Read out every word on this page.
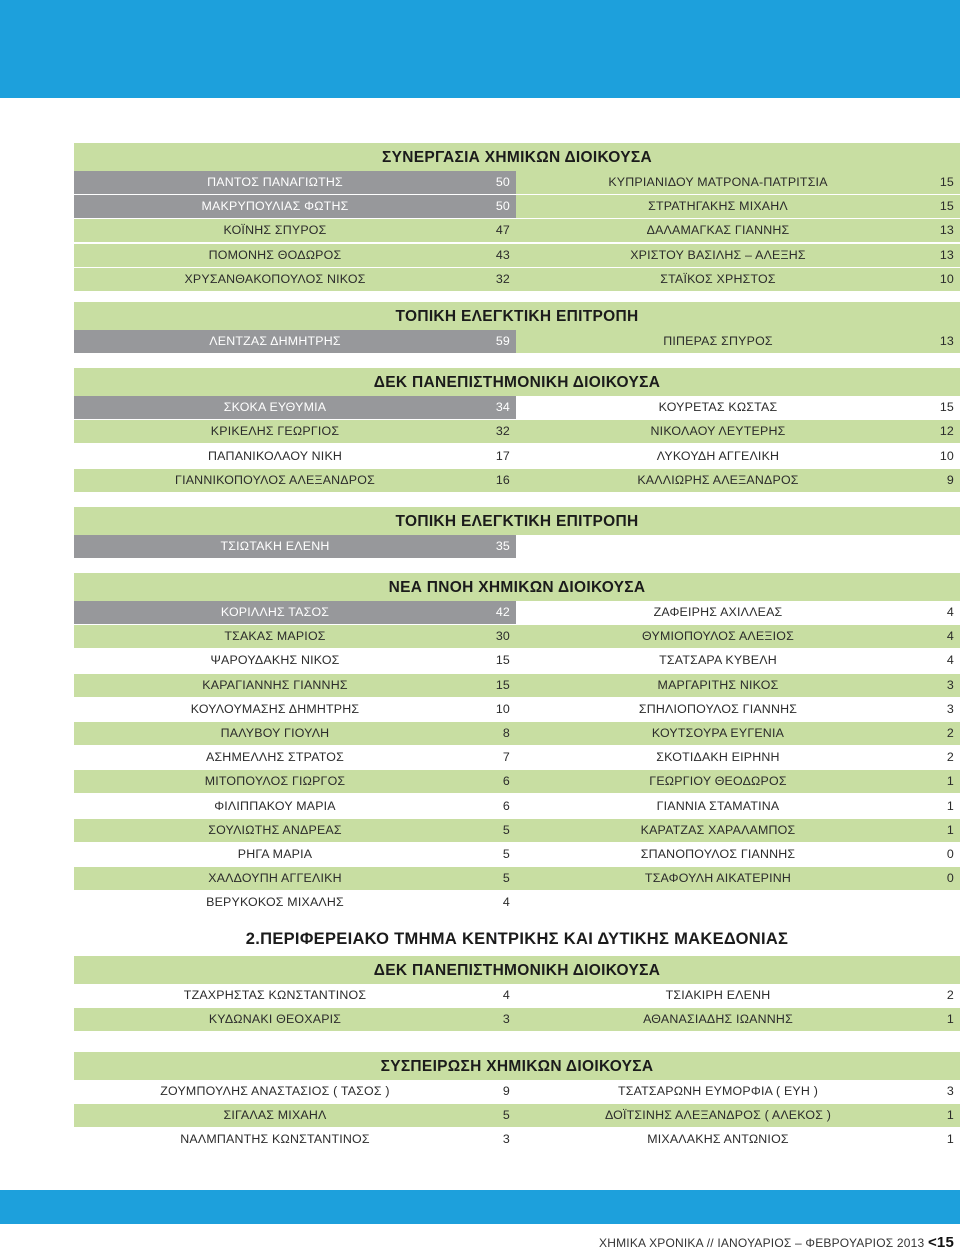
ΣΥΝΕΡΓΑΣΙΑ ΧΗΜΙΚΩΝ ΔΙΟΙΚΟΥΣΑ
ΠΑΝΤΟΣ ΠΑΝΑΓΙΩΤΗΣ	50	ΚΥΠΡΙΑΝΙΔΟΥ ΜΑΤΡΟΝΑ-ΠΑΤΡΙΤΣΙΑ	15
ΜΑΚΡΥΠΟΥΛΙΑΣ ΦΩΤΗΣ	50	ΣΤΡΑΤΗΓΑΚΗΣ ΜΙΧΑΗΛ	15
ΚΟΪΝΗΣ ΣΠΥΡΟΣ	47	ΔΑΛΑΜΑΓΚΑΣ ΓΙΑΝΝΗΣ	13
ΠΟΜΟΝΗΣ ΘΟΔΩΡΟΣ	43	ΧΡΙΣΤΟΥ ΒΑΣΙΛΗΣ – ΑΛΕΞΗΣ	13
ΧΡΥΣΑΝΘΑΚΟΠΟΥΛΟΣ ΝΙΚΟΣ	32	ΣΤΑΪΚΟΣ ΧΡΗΣΤΟΣ	10
ΤΟΠΙΚΗ ΕΛΕΓΚΤΙΚΗ ΕΠΙΤΡΟΠΗ
ΛΕΝΤΖΑΣ ΔΗΜΗΤΡΗΣ	59	ΠΙΠΕΡΑΣ ΣΠΥΡΟΣ	13
ΔΕΚ ΠΑΝΕΠΙΣΤΗΜΟΝΙΚΗ ΔΙΟΙΚΟΥΣΑ
ΣΚΟΚΑ ΕΥΘΥΜΙΑ	34	ΚΟΥΡΕΤΑΣ ΚΩΣΤΑΣ	15
ΚΡΙΚΕΛΗΣ ΓΕΩΡΓΙΟΣ	32	ΝΙΚΟΛΑΟΥ ΛΕΥΤΕΡΗΣ	12
ΠΑΠΑΝΙΚΟΛΑΟΥ ΝΙΚΗ	17	ΛΥΚΟΥΔΗ ΑΓΓΕΛΙΚΗ	10
ΓΙΑΝΝΙΚΟΠΟΥΛΟΣ ΑΛΕΞΑΝΔΡΟΣ	16	ΚΑΛΛΙΩΡΗΣ ΑΛΕΞΑΝΔΡΟΣ	9
ΤΟΠΙΚΗ ΕΛΕΓΚΤΙΚΗ ΕΠΙΤΡΟΠΗ
ΤΣΙΩΤΑΚΗ ΕΛΕΝΗ	35
ΝΕΑ ΠΝΟΗ ΧΗΜΙΚΩΝ ΔΙΟΙΚΟΥΣΑ
ΚΟΡΙΛΛΗΣ ΤΑΣΟΣ	42	ΖΑΦΕΙΡΗΣ ΑΧΙΛΛΕΑΣ	4
ΤΣΑΚΑΣ ΜΑΡΙΟΣ	30	ΘΥΜΙΟΠΟΥΛΟΣ ΑΛΕΞΙΟΣ	4
ΨΑΡΟΥΔΑΚΗΣ ΝΙΚΟΣ	15	ΤΣΑΤΣΑΡΑ ΚΥΒΕΛΗ	4
ΚΑΡΑΓΙΑΝΝΗΣ ΓΙΑΝΝΗΣ	15	ΜΑΡΓΑΡΙΤΗΣ ΝΙΚΟΣ	3
ΚΟΥΛΟΥΜΑΣΗΣ ΔΗΜΗΤΡΗΣ	10	ΣΠΗΛΙΟΠΟΥΛΟΣ ΓΙΑΝΝΗΣ	3
ΠΑΛΥΒΟΥ ΓΙΟΥΛΗ	8	ΚΟΥΤΣΟΥΡΑ ΕΥΓΕΝΙΑ	2
ΑΣΗΜΕΛΛΗΣ ΣΤΡΑΤΟΣ	7	ΣΚΟΤΙΔΑΚΗ ΕΙΡΗΝΗ	2
ΜΙΤΟΠΟΥΛΟΣ ΓΙΩΡΓΟΣ	6	ΓΕΩΡΓΙΟΥ ΘΕΟΔΩΡΟΣ	1
ΦΙΛΙΠΠΑΚΟΥ ΜΑΡΙΑ	6	ΓΙΑΝΝΙΑ ΣΤΑΜΑΤΙΝΑ	1
ΣΟΥΛΙΩΤΗΣ ΑΝΔΡΕΑΣ	5	ΚΑΡΑΤΖΑΣ ΧΑΡΑΛΑΜΠΟΣ	1
ΡΗΓΑ ΜΑΡΙΑ	5	ΣΠΑΝΟΠΟΥΛΟΣ ΓΙΑΝΝΗΣ	0
ΧΑΛΔΟΥΠΗ ΑΓΓΕΛΙΚΗ	5	ΤΣΑΦΟΥΛΗ ΑΙΚΑΤΕΡΙΝΗ	0
ΒΕΡΥΚΟΚΟΣ ΜΙΧΑΛΗΣ	4
2.ΠΕΡΙΦΕΡΕΙΑΚΟ ΤΜΗΜΑ ΚΕΝΤΡΙΚΗΣ ΚΑΙ ΔΥΤΙΚΗΣ ΜΑΚΕΔΟΝΙΑΣ
ΔΕΚ ΠΑΝΕΠΙΣΤΗΜΟΝΙΚΗ ΔΙΟΙΚΟΥΣΑ
ΤΖΑΧΡΗΣΤΑΣ ΚΩΝΣΤΑΝΤΙΝΟΣ	4	ΤΣΙΑΚΙΡΗ ΕΛΕΝΗ	2
ΚΥΔΩΝΑΚΙ ΘΕΟΧΑΡΙΣ	3	ΑΘΑΝΑΣΙΑΔΗΣ ΙΩΑΝΝΗΣ	1
ΣΥΣΠΕΙΡΩΣΗ ΧΗΜΙΚΩΝ ΔΙΟΙΚΟΥΣΑ
ΖΟΥΜΠΟΥΛΗΣ ΑΝΑΣΤΑΣΙΟΣ ( ΤΑΣΟΣ )	9	ΤΣΑΤΣΑΡΩΝΗ ΕΥΜΟΡΦΙΑ ( ΕΥΗ )	3
ΣΙΓΑΛΑΣ ΜΙΧΑΗΛ	5	ΔΟΪΤΣΙΝΗΣ ΑΛΕΞΑΝΔΡΟΣ ( ΑΛΕΚΟΣ )	1
ΝΑΛΜΠΑΝΤΗΣ ΚΩΝΣΤΑΝΤΙΝΟΣ	3	ΜΙΧΑΛΑΚΗΣ ΑΝΤΩΝΙΟΣ	1
ΧΗΜΙΚΑ ΧΡΟΝΙΚΑ // ΙΑΝΟΥΑΡΙΟΣ – ΦΕΒΡΟΥΑΡΙΟΣ 2013 <15
